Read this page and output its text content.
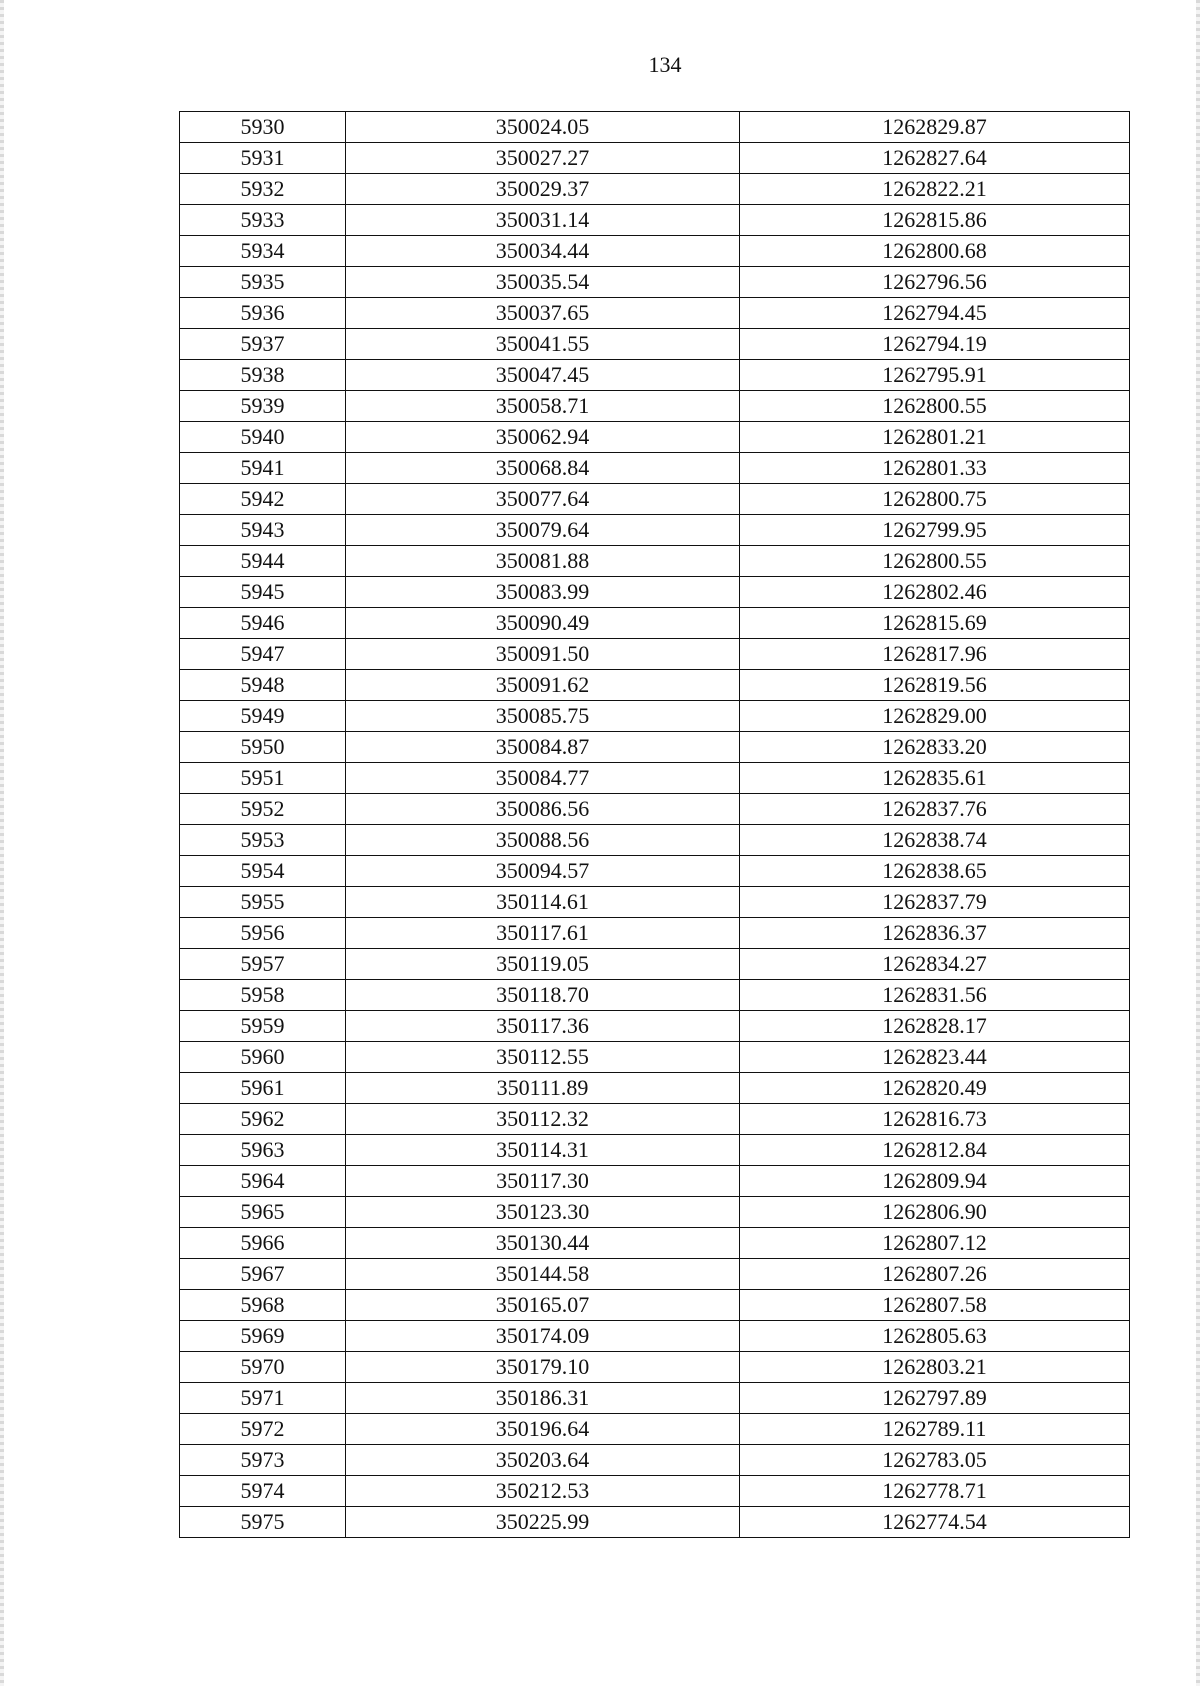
134
5930	350024.05	1262829.87
5931	350027.27	1262827.64
5932	350029.37	1262822.21
5933	350031.14	1262815.86
5934	350034.44	1262800.68
5935	350035.54	1262796.56
5936	350037.65	1262794.45
5937	350041.55	1262794.19
5938	350047.45	1262795.91
5939	350058.71	1262800.55
5940	350062.94	1262801.21
5941	350068.84	1262801.33
5942	350077.64	1262800.75
5943	350079.64	1262799.95
5944	350081.88	1262800.55
5945	350083.99	1262802.46
5946	350090.49	1262815.69
5947	350091.50	1262817.96
5948	350091.62	1262819.56
5949	350085.75	1262829.00
5950	350084.87	1262833.20
5951	350084.77	1262835.61
5952	350086.56	1262837.76
5953	350088.56	1262838.74
5954	350094.57	1262838.65
5955	350114.61	1262837.79
5956	350117.61	1262836.37
5957	350119.05	1262834.27
5958	350118.70	1262831.56
5959	350117.36	1262828.17
5960	350112.55	1262823.44
5961	350111.89	1262820.49
5962	350112.32	1262816.73
5963	350114.31	1262812.84
5964	350117.30	1262809.94
5965	350123.30	1262806.90
5966	350130.44	1262807.12
5967	350144.58	1262807.26
5968	350165.07	1262807.58
5969	350174.09	1262805.63
5970	350179.10	1262803.21
5971	350186.31	1262797.89
5972	350196.64	1262789.11
5973	350203.64	1262783.05
5974	350212.53	1262778.71
5975	350225.99	1262774.54
